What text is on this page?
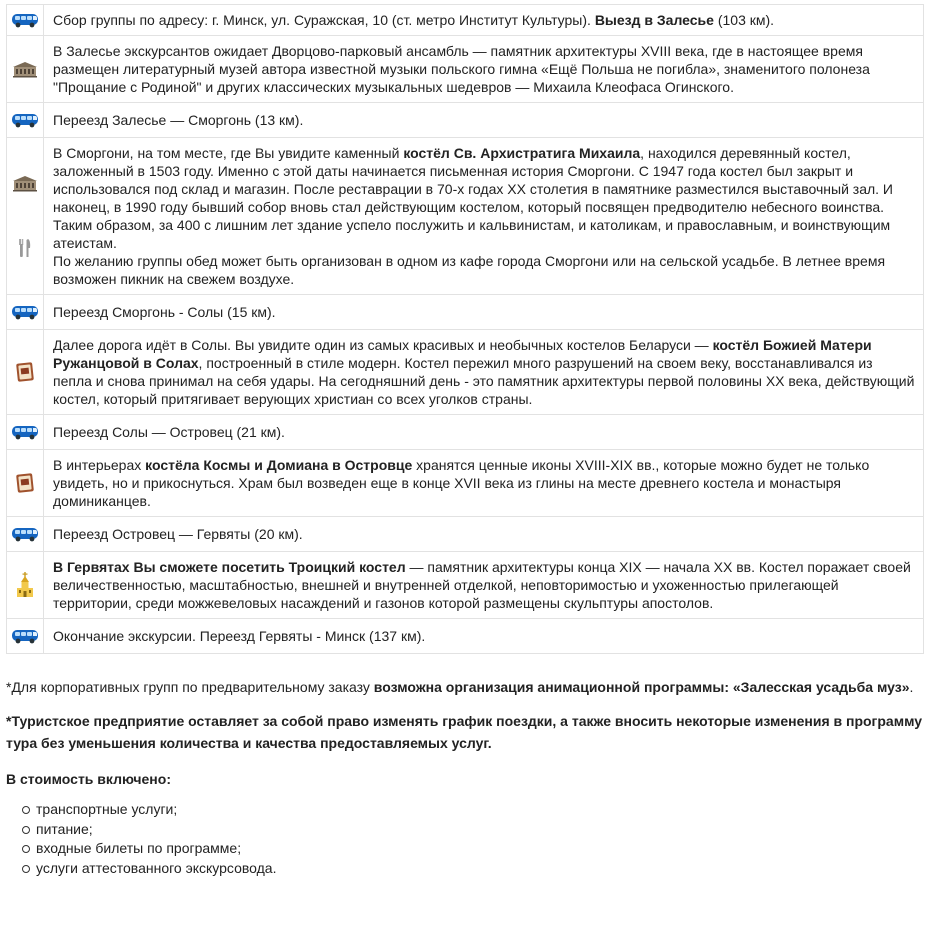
	Сбор группы по адресу: г. Минск, ул. Суражская, 10 (ст. метро Институт Культуры). Выезд в Залесье (103 км).

	В Залесье экскурсантов ожидает Дворцово-парковый ансамбль — памятник архитектуры XVIII века, где в настоящее время размещен литературный музей автора известной музыки польского гимна «Ещё Польша не погибла», знаменитого полонеза "Прощание с Родиной" и других классических музыкальных шедевров — Михаила Клеофаса Огинского.

	Переезд Залесье — Сморгонь (13 км).

	В Сморгони, на том месте, где Вы увидите каменный костёл Св. Архистратига Михаила, находился деревянный костел, заложенный в 1503 году. Именно с этой даты начинается письменная история Сморгони. С 1947 года костел был закрыт и использовался под склад и магазин. После реставрации в 70-х годах XX столетия в памятнике разместился выставочный зал. И наконец, в 1990 году бывший собор вновь стал действующим костелом, который посвящен предводителю небесного воинства. Таким образом, за 400 с лишним лет здание успело послужить и кальвинистам, и католикам, и православным, и воинствующим атеистам.
По желанию группы обед может быть организован в одном из кафе города Сморгони или на сельской усадьбе. В летнее время возможен пикник на свежем воздухе.

	Переезд Сморгонь - Солы (15 км).

	Далее дорога идёт в Солы. Вы увидите один из самых красивых и необычных костелов Беларуси — костёл Божией Матери Ружанцовой в Солах, построенный в стиле модерн. Костел пережил много разрушений на своем веку, восстанавливался из пепла и снова принимал на себя удары. На сегодняшний день - это памятник архитектуры первой половины XX века, действующий костел, который притягивает верующих христиан со всех уголков страны.

	Переезд Солы — Островец (21 км).

	В интерьерах костёла Космы и Домиана в Островце хранятся ценные иконы XVIII-XIX вв., которые можно будет не только увидеть, но и прикоснуться. Храм был возведен еще в конце XVII века из глины на месте древнего костела и монастыря доминиканцев.

	Переезд Островец — Гервяты (20 км).

	В Гервятах Вы сможете посетить Троицкий костел — памятник архитектуры конца XIX — начала XX вв. Костел поражает своей величественностью, масштабностью, внешней и внутренней отделкой, неповторимостью и ухоженностью прилегающей территории, среди можжевеловых насаждений и газонов которой размещены скульптуры апостолов.

	Окончание экскурсии. Переезд Гервяты - Минск (137 км).

*Для корпоративных групп по предварительному заказу возможна организация анимационной программы: «Залесская усадьба муз».

*Туристское предприятие оставляет за собой право изменять график поездки, а также вносить некоторые изменения в программу тура без уменьшения количества и качества предоставляемых услуг.

В стоимость включено:

транспортные услуги;
питание;
входные билеты по программе;
услуги аттестованного экскурсовода.
